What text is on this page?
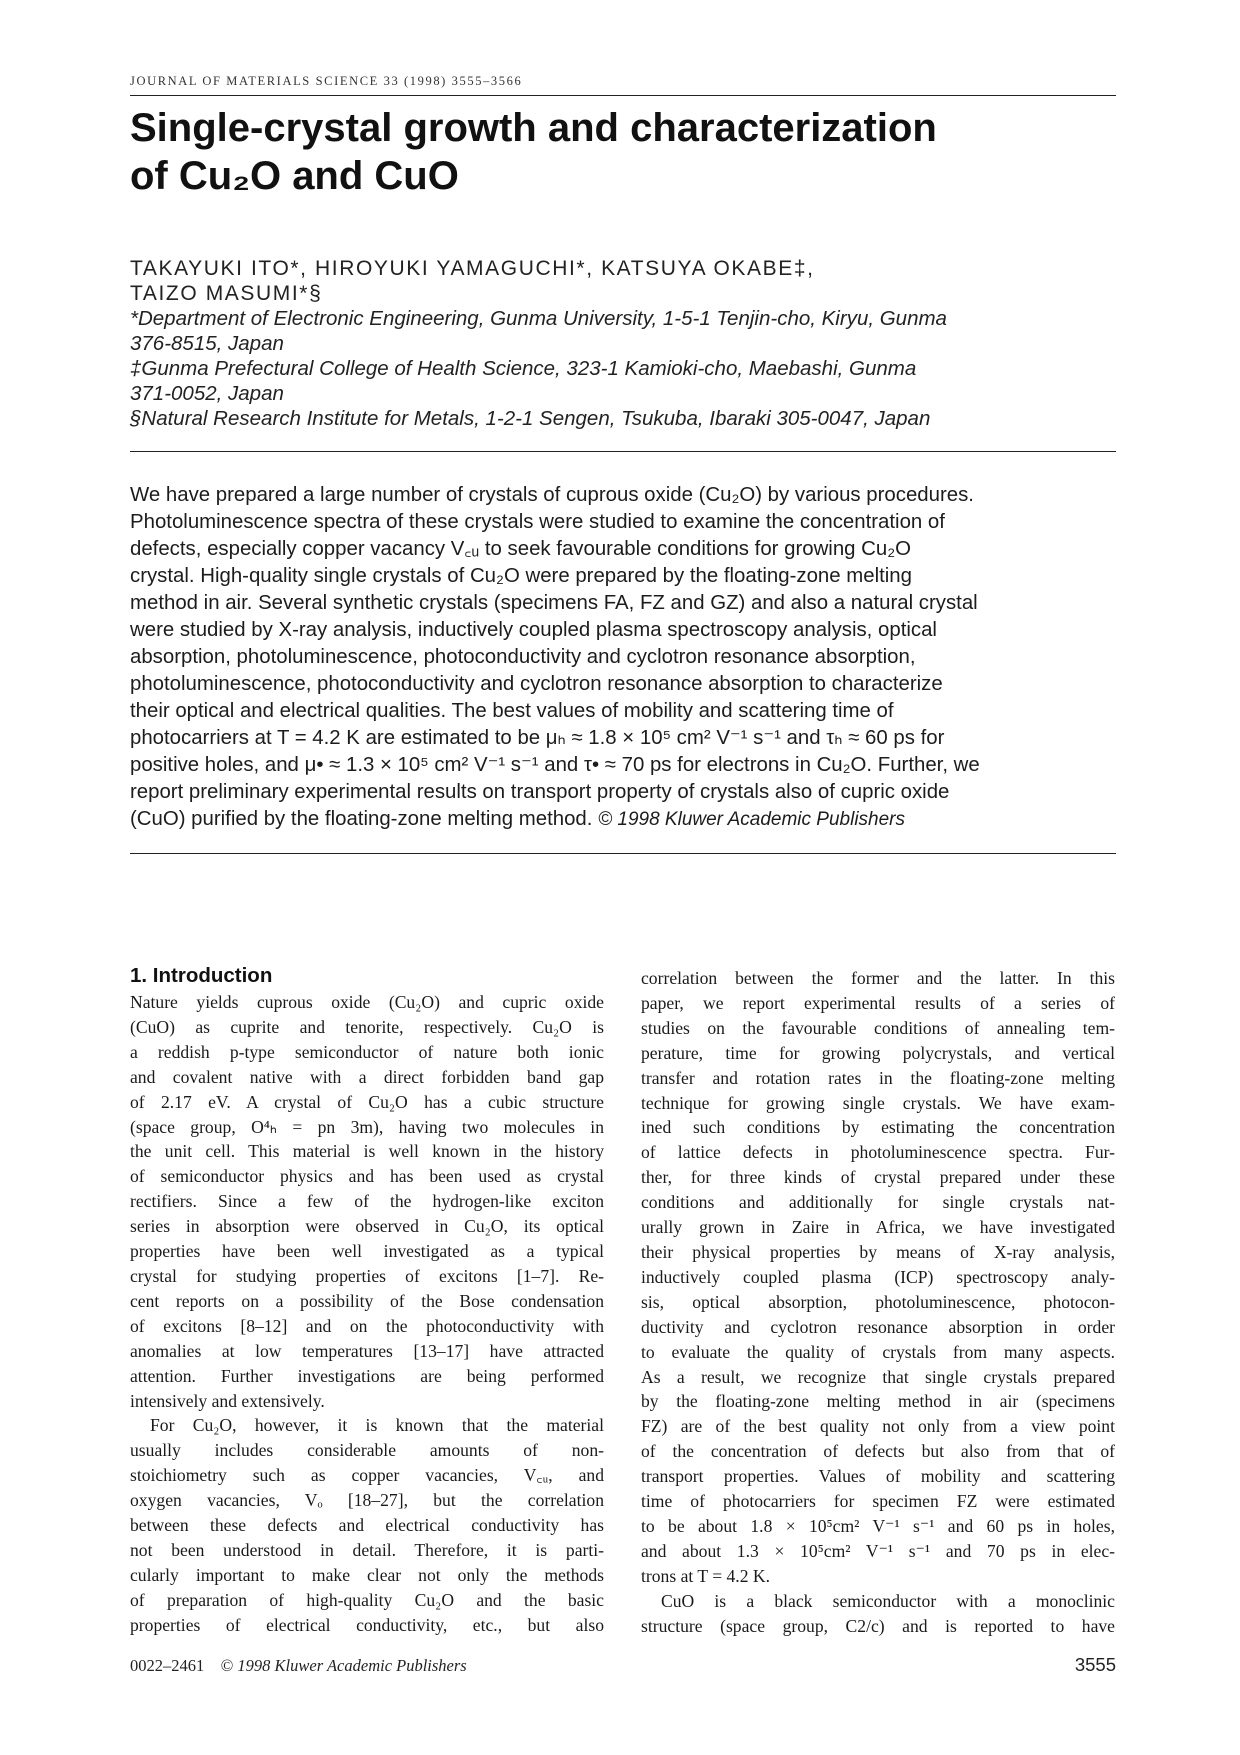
JOURNAL OF MATERIALS SCIENCE 33 (1998) 3555–3566
Single-crystal growth and characterization
of Cu₂O and CuO
TAKAYUKI ITO*, HIROYUKI YAMAGUCHI*, KATSUYA OKABE‡,
TAIZO MASUMI*§
*Department of Electronic Engineering, Gunma University, 1-5-1 Tenjin-cho, Kiryu, Gunma
376-8515, Japan
‡Gunma Prefectural College of Health Science, 323-1 Kamioki-cho, Maebashi, Gunma
371-0052, Japan
§Natural Research Institute for Metals, 1-2-1 Sengen, Tsukuba, Ibaraki 305-0047, Japan
We have prepared a large number of crystals of cuprous oxide (Cu₂O) by various procedures.
Photoluminescence spectra of these crystals were studied to examine the concentration of
defects, especially copper vacancy V꜀ᵤ to seek favourable conditions for growing Cu₂O
crystal. High-quality single crystals of Cu₂O were prepared by the floating-zone melting
method in air. Several synthetic crystals (specimens FA, FZ and GZ) and also a natural crystal
were studied by X-ray analysis, inductively coupled plasma spectroscopy analysis, optical
absorption, photoluminescence, photoconductivity and cyclotron resonance absorption,
photoluminescence, photoconductivity and cyclotron resonance absorption to characterize
their optical and electrical qualities. The best values of mobility and scattering time of
photocarriers at T = 4.2 K are estimated to be μₕ ≈ 1.8 × 10⁵ cm² V⁻¹ s⁻¹ and τₕ ≈ 60 ps for
positive holes, and μ• ≈ 1.3 × 10⁵ cm² V⁻¹ s⁻¹ and τ• ≈ 70 ps for electrons in Cu₂O. Further, we
report preliminary experimental results on transport property of crystals also of cupric oxide
(CuO) purified by the floating-zone melting method. © 1998 Kluwer Academic Publishers
1. Introduction
Nature yields cuprous oxide (Cu₂O) and cupric oxide
(CuO) as cuprite and tenorite, respectively. Cu₂O is
a reddish p-type semiconductor of nature both ionic
and covalent native with a direct forbidden band gap
of 2.17 eV. A crystal of Cu₂O has a cubic structure
(space group, O⁴ₕ = pn 3m), having two molecules in
the unit cell. This material is well known in the history
of semiconductor physics and has been used as crystal
rectifiers. Since a few of the hydrogen-like exciton
series in absorption were observed in Cu₂O, its optical
properties have been well investigated as a typical
crystal for studying properties of excitons [1–7]. Re-
cent reports on a possibility of the Bose condensation
of excitons [8–12] and on the photoconductivity with
anomalies at low temperatures [13–17] have attracted
attention. Further investigations are being performed
intensively and extensively.
For Cu₂O, however, it is known that the material
usually includes considerable amounts of non-
stoichiometry such as copper vacancies, V꜀ᵤ, and
oxygen vacancies, Vₒ [18–27], but the correlation
between these defects and electrical conductivity has
not been understood in detail. Therefore, it is parti-
cularly important to make clear not only the methods
of preparation of high-quality Cu₂O and the basic
properties of electrical conductivity, etc., but also
correlation between the former and the latter. In this
paper, we report experimental results of a series of
studies on the favourable conditions of annealing tem-
perature, time for growing polycrystals, and vertical
transfer and rotation rates in the floating-zone melting
technique for growing single crystals. We have exam-
ined such conditions by estimating the concentration
of lattice defects in photoluminescence spectra. Fur-
ther, for three kinds of crystal prepared under these
conditions and additionally for single crystals nat-
urally grown in Zaire in Africa, we have investigated
their physical properties by means of X-ray analysis,
inductively coupled plasma (ICP) spectroscopy analy-
sis, optical absorption, photoluminescence, photocon-
ductivity and cyclotron resonance absorption in order
to evaluate the quality of crystals from many aspects.
As a result, we recognize that single crystals prepared
by the floating-zone melting method in air (specimens
FZ) are of the best quality not only from a view point
of the concentration of defects but also from that of
transport properties. Values of mobility and scattering
time of photocarriers for specimen FZ were estimated
to be about 1.8 × 10⁵cm² V⁻¹ s⁻¹ and 60 ps in holes,
and about 1.3 × 10⁵cm² V⁻¹ s⁻¹ and 70 ps in elec-
trons at T = 4.2 K.
CuO is a black semiconductor with a monoclinic
structure (space group, C2/c) and is reported to have
0022–2461 © 1998 Kluwer Academic Publishers	3555
